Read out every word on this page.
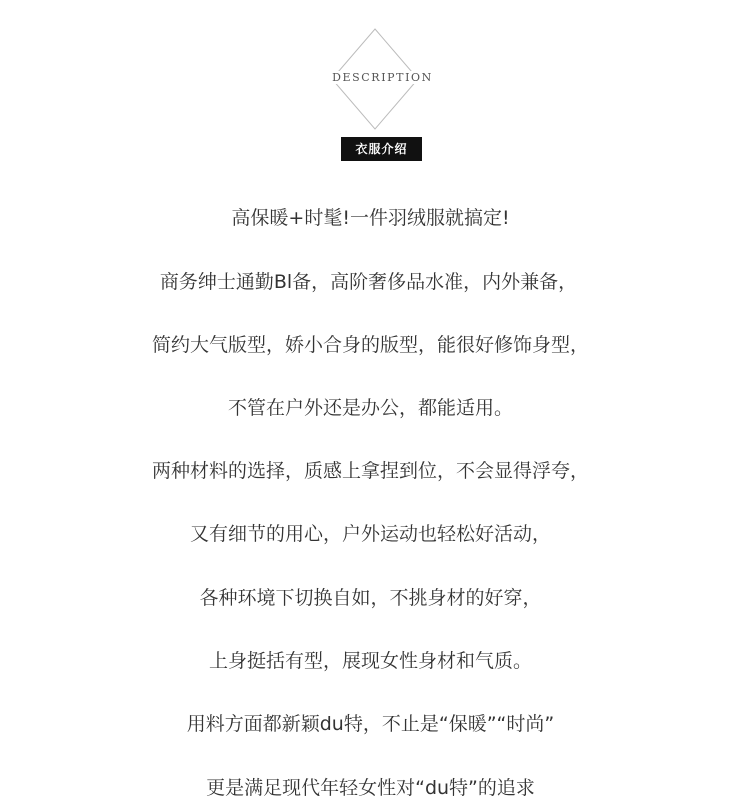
DESCRIPTION
衣服介绍
高保暖+时髦!一件羽绒服就搞定!
商务绅士通勤Bl备，高阶奢侈品水准，内外兼备，
简约大气版型，娇小合身的版型，能很好修饰身型，
不管在户外还是办公，都能适用。
两种材料的选择，质感上拿捏到位，不会显得浮夸，
又有细节的用心，户外运动也轻松好活动，
各种环境下切换自如，不挑身材的好穿，
上身挺括有型，展现女性身材和气质。
用料方面都新颖du特，不止是“保暖”“时尚”
更是满足现代年轻女性对“du特”的追求
